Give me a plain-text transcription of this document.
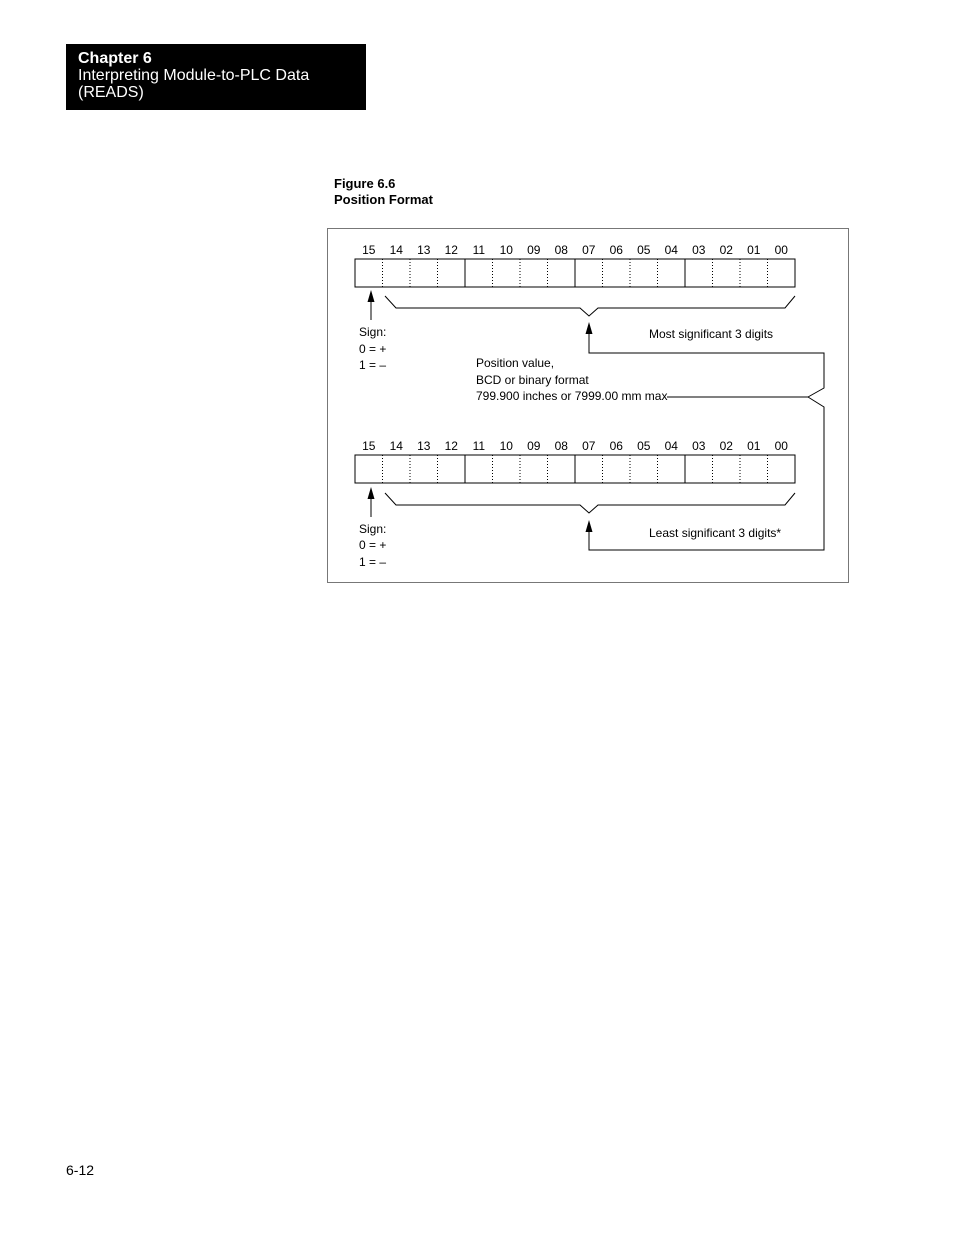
Chapter 6
Interpreting Module-to-PLC Data
(READS)
Figure 6.6
Position Format
15 14 13 12 11 10 09 08 07 06 05 04 03 02 01 00
Sign:
0 = +
1 = –
Most significant 3 digits
Position value,
BCD or binary format
799.900 inches or 7999.00 mm max
15 14 13 12 11 10 09 08 07 06 05 04 03 02 01 00
Sign:
0 = +
1 = –
Least significant 3 digits*
6-12
